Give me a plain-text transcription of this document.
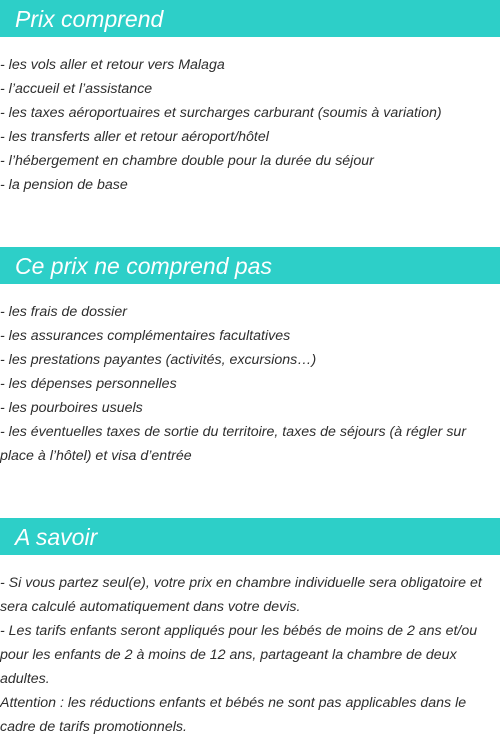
Prix comprend
- les vols aller et retour vers Malaga
- l’accueil et l’assistance
- les taxes aéroportuaires et surcharges carburant (soumis à variation)
- les transferts aller et retour aéroport/hôtel
- l’hébergement en chambre double pour la durée du séjour
- la pension de base
Ce prix ne comprend pas
- les frais de dossier
- les assurances complémentaires facultatives
- les prestations payantes (activités, excursions…)
- les dépenses personnelles
- les pourboires usuels
- les éventuelles taxes de sortie du territoire, taxes de séjours (à régler sur place à l’hôtel) et visa d’entrée
A savoir
- Si vous partez seul(e), votre prix en chambre individuelle sera obligatoire et sera calculé automatiquement dans votre devis.
- Les tarifs enfants seront appliqués pour les bébés de moins de 2 ans et/ou pour les enfants de 2 à moins de 12 ans, partageant la chambre de deux adultes.
Attention : les réductions enfants et bébés ne sont pas applicables dans le cadre de tarifs promotionnels.
